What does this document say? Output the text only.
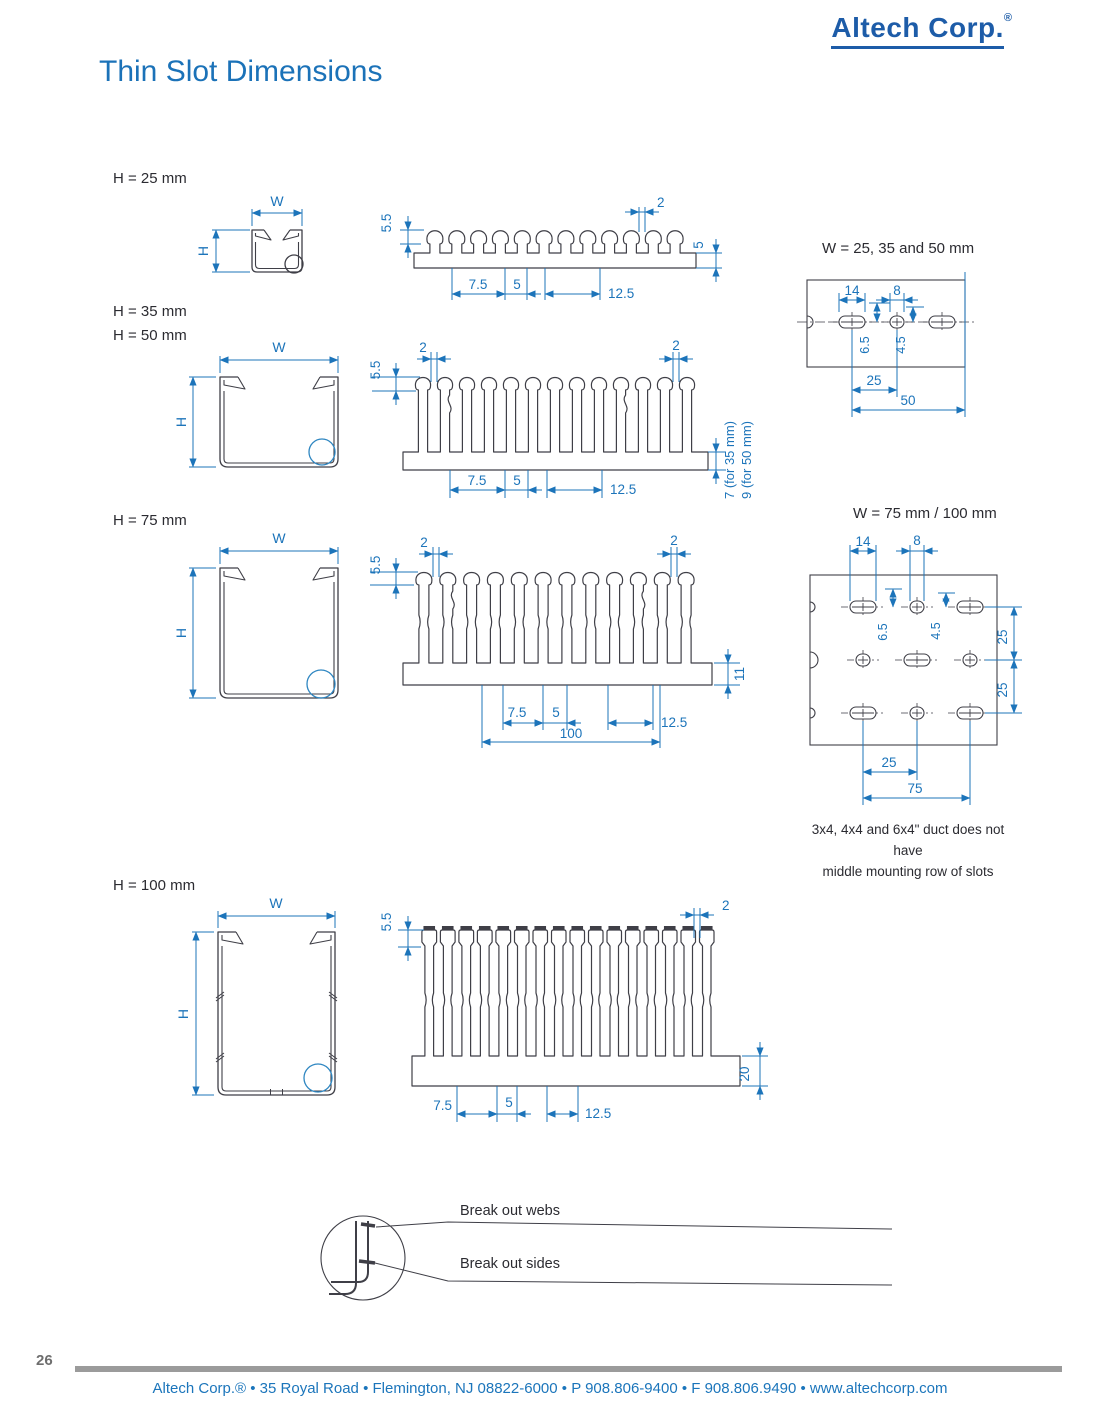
W
H
5.5
2
5
7.5 5
12.5	14 8
6.5 4.5
25
50
W
H
5.5
2	2
7.5 5
12.5	7 (for 35 mm) 9 (for 50 mm)
W
H
5.5
2	2
11
7.5 5
12.5
100
14	8
6.5	4.5	25
25
25
75
W
H
5.5
2
20
7.5	5
12.5
Altech Corp.®
Thin Slot Dimensions
H = 25 mm
H = 35 mm
H = 50 mm
H = 75 mm
H = 100 mm
W = 25, 35 and 50 mm
W = 75 mm / 100 mm
3x4, 4x4 and 6x4" duct does not have
middle mounting row of slots
Break out webs
Break out sides
26
Altech Corp.® • 35 Royal Road • Flemington, NJ 08822-6000 • P 908.806-9400 • F 908.806.9490 • www.altechcorp.com
